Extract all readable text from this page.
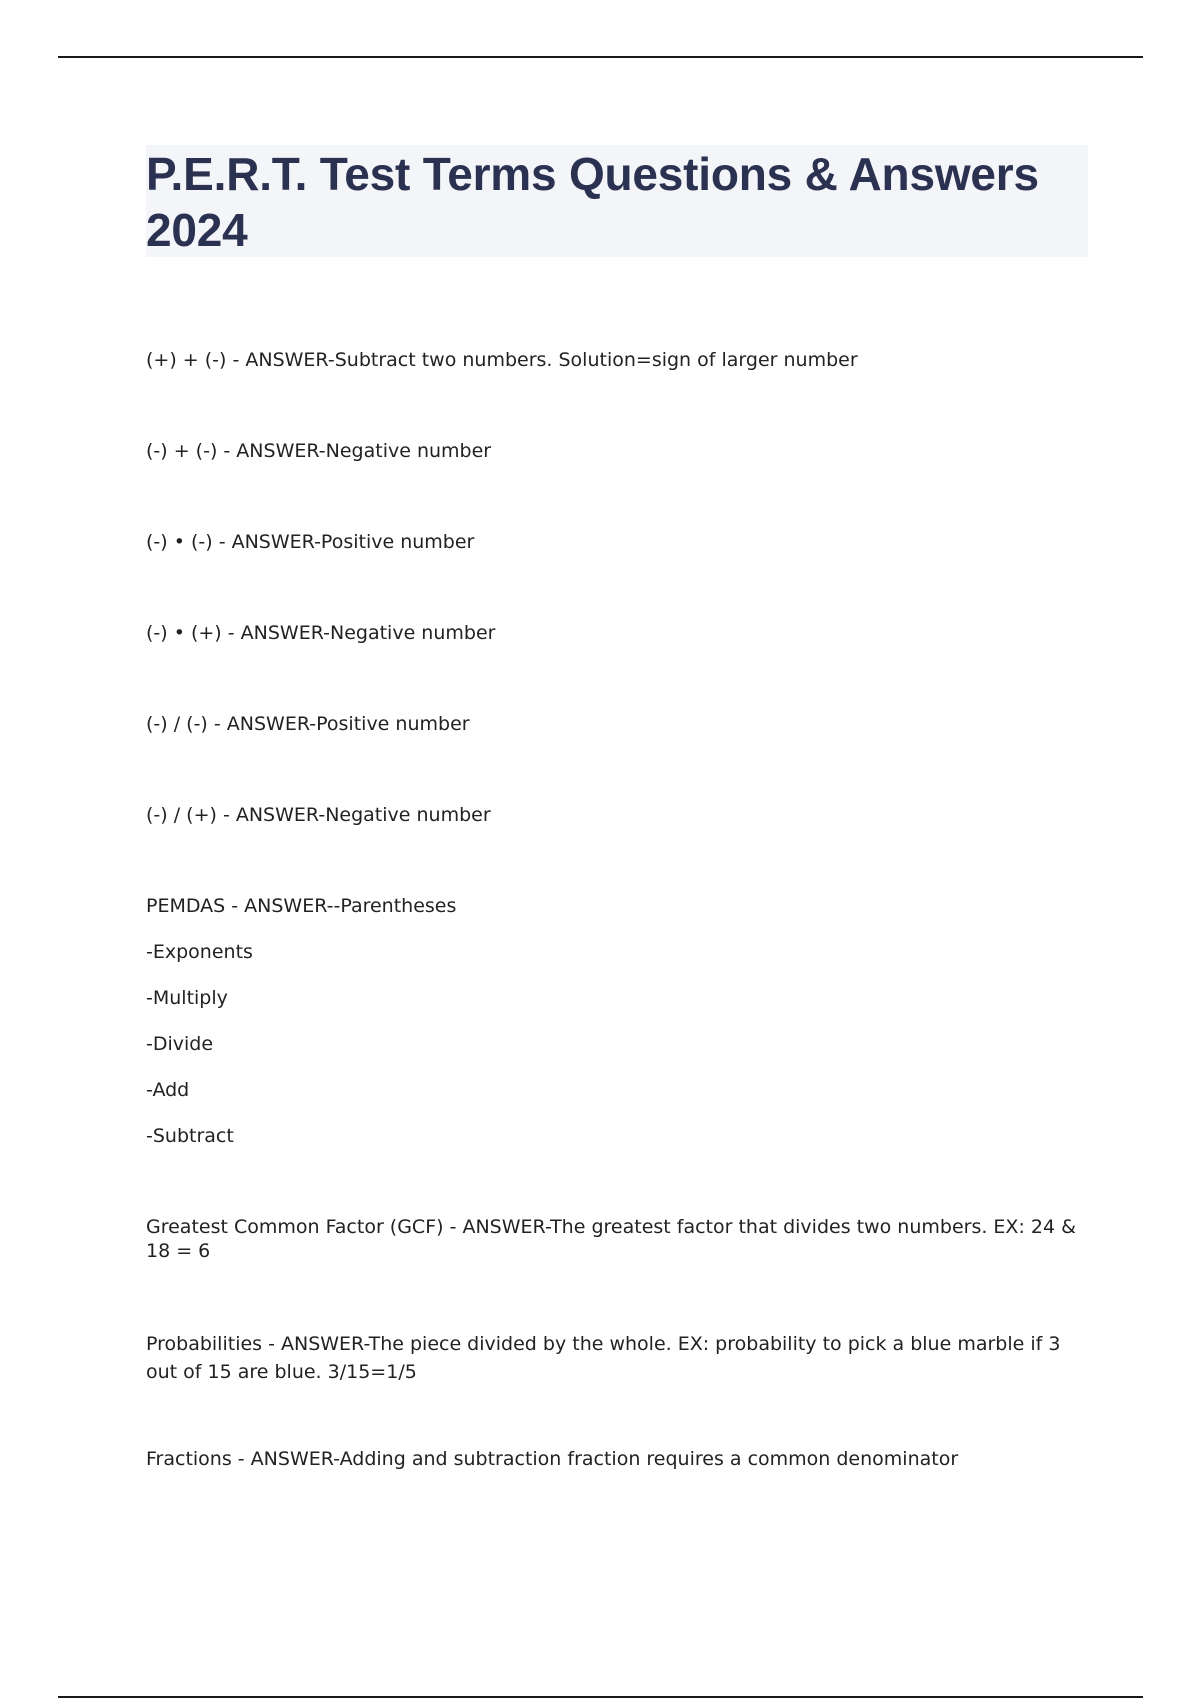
P.E.R.T. Test Terms Questions & Answers 2024

(+) + (-) - ANSWER-Subtract two numbers. Solution=sign of larger number

(-) + (-) - ANSWER-Negative number

(-) • (-) - ANSWER-Positive number

(-) • (+) - ANSWER-Negative number

(-) / (-) - ANSWER-Positive number

(-) / (+) - ANSWER-Negative number

PEMDAS - ANSWER--Parentheses

-Exponents

-Multiply

-Divide

-Add

-Subtract

Greatest Common Factor (GCF) - ANSWER-The greatest factor that divides two numbers. EX: 24 & 18 = 6

Probabilities - ANSWER-The piece divided by the whole. EX: probability to pick a blue marble if 3 out of 15 are blue. 3/15=1/5

Fractions - ANSWER-Adding and subtraction fraction requires a common denominator
